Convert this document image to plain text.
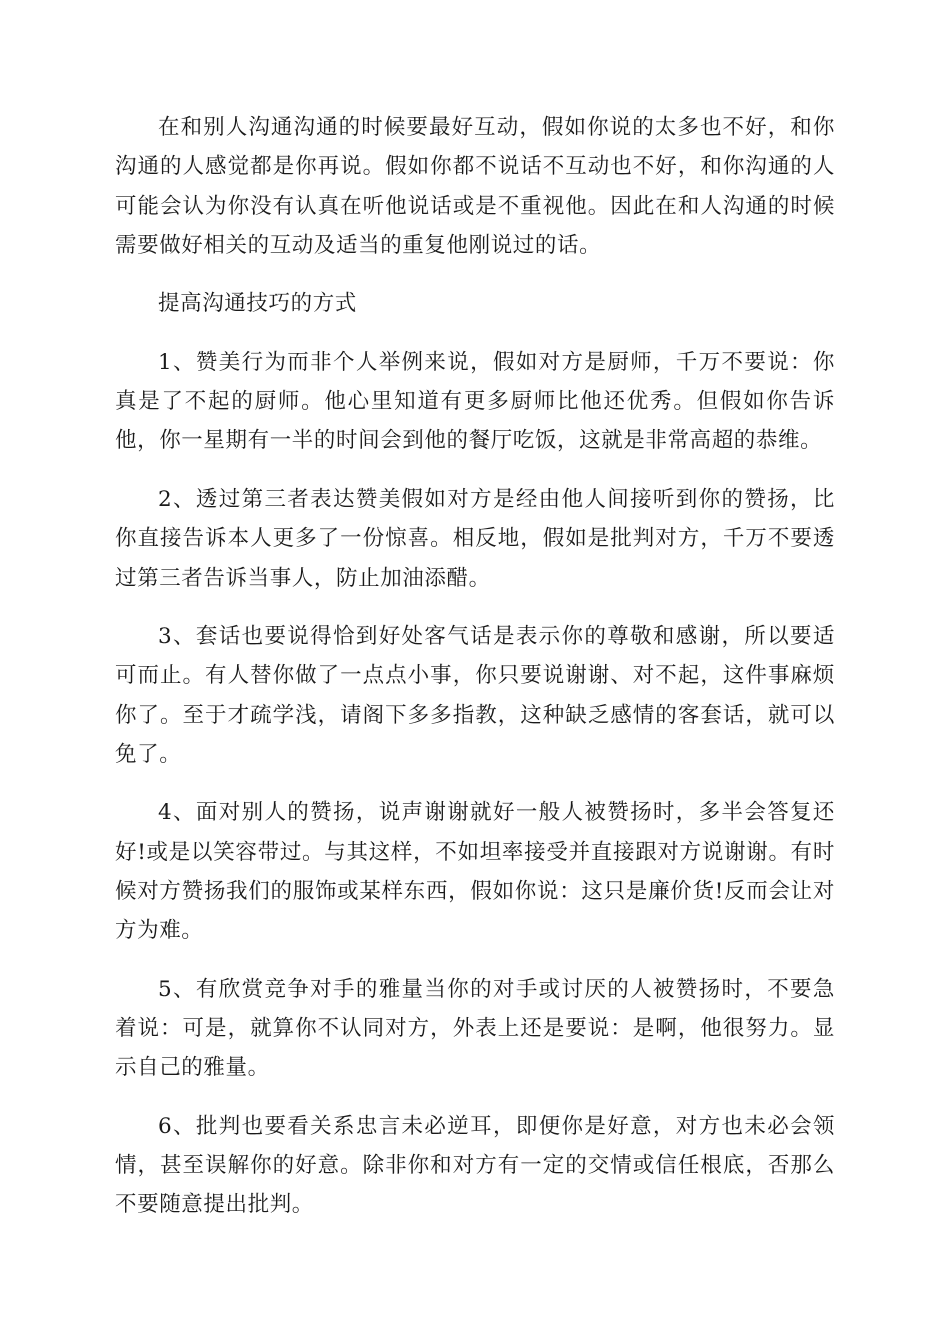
在和别人沟通沟通的时候要最好互动，假如你说的太多也不好，和你沟通的人感觉都是你再说。假如你都不说话不互动也不好，和你沟通的人可能会认为你没有认真在听他说话或是不重视他。因此在和人沟通的时候需要做好相关的互动及适当的重复他刚说过的话。

提高沟通技巧的方式

1、赞美行为而非个人举例来说，假如对方是厨师，千万不要说：你真是了不起的厨师。他心里知道有更多厨师比他还优秀。但假如你告诉他，你一星期有一半的时间会到他的餐厅吃饭，这就是非常高超的恭维。

2、透过第三者表达赞美假如对方是经由他人间接听到你的赞扬，比你直接告诉本人更多了一份惊喜。相反地，假如是批判对方，千万不要透过第三者告诉当事人，防止加油添醋。

3、套话也要说得恰到好处客气话是表示你的尊敬和感谢，所以要适可而止。有人替你做了一点点小事，你只要说谢谢、对不起，这件事麻烦你了。至于才疏学浅，请阁下多多指教，这种缺乏感情的客套话，就可以免了。

4、面对别人的赞扬，说声谢谢就好一般人被赞扬时，多半会答复还好!或是以笑容带过。与其这样，不如坦率接受并直接跟对方说谢谢。有时候对方赞扬我们的服饰或某样东西，假如你说：这只是廉价货!反而会让对方为难。

5、有欣赏竞争对手的雅量当你的对手或讨厌的人被赞扬时，不要急着说：可是，就算你不认同对方，外表上还是要说：是啊，他很努力。显示自己的雅量。

6、批判也要看关系忠言未必逆耳，即便你是好意，对方也未必会领情，甚至误解你的好意。除非你和对方有一定的交情或信任根底，否那么不要随意提出批判。
